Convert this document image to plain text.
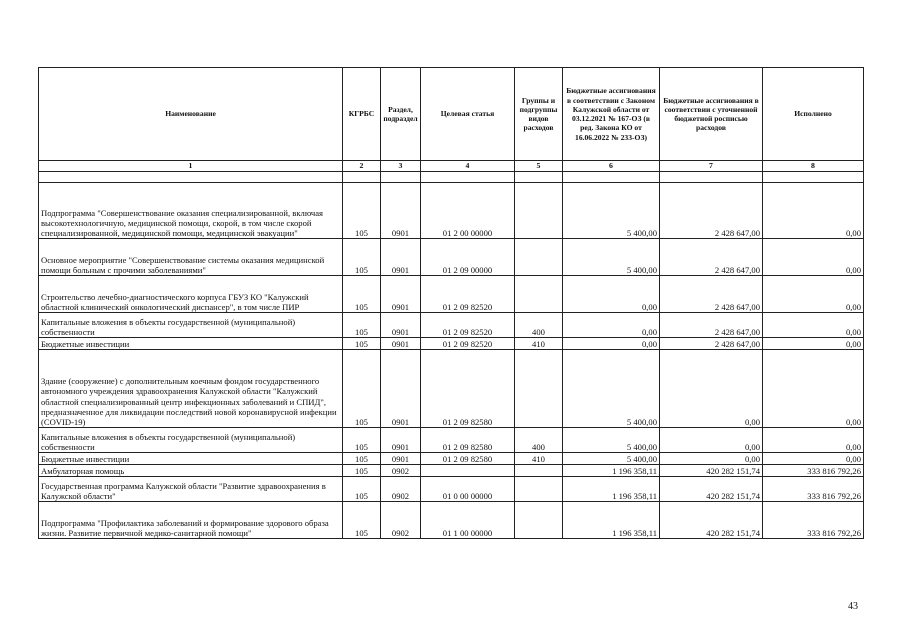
Наименование	КГРБС	Раздел, подраздел	Целевая статья	Группы и подгруппы видов расходов	Бюджетные ассигнования в соответствии с Законом Калужской области от 03.12.2021 № 167-ОЗ (в ред. Закона КО от 16.06.2022 № 233-ОЗ)	Бюджетные ассигнования в соответствии с уточненной бюджетной росписью расходов	Исполнено
1	2	3	4	5	6	7	8

Подпрограмма "Совершенствование оказания специализированной, включая высокотехнологичную, медицинской помощи, скорой, в том числе скорой специализированной, медицинской помощи, медицинской эвакуации"	105	0901	01 2 00 00000		5 400,00	2 428 647,00	0,00
Основное мероприятие "Совершенствование системы оказания медицинской помощи больным с прочими заболеваниями"	105	0901	01 2 09 00000		5 400,00	2 428 647,00	0,00
Строительство лечебно-диагностического корпуса ГБУЗ КО "Калужский областной клинический онкологический диспансер", в том числе ПИР	105	0901	01 2 09 82520		0,00	2 428 647,00	0,00
Капитальные вложения в объекты государственной (муниципальной) собственности	105	0901	01 2 09 82520	400	0,00	2 428 647,00	0,00
Бюджетные инвестиции	105	0901	01 2 09 82520	410	0,00	2 428 647,00	0,00
Здание (сооружение) с дополнительным коечным фондом государственного автономного учреждения здравоохранения Калужской области "Калужский областной специализированный центр инфекционных заболеваний и СПИД", предназначенное для ликвидации последствий новой коронавирусной инфекции (COVID-19)	105	0901	01 2 09 82580		5 400,00	0,00	0,00
Капитальные вложения в объекты государственной (муниципальной) собственности	105	0901	01 2 09 82580	400	5 400,00	0,00	0,00
Бюджетные инвестиции	105	0901	01 2 09 82580	410	5 400,00	0,00	0,00
Амбулаторная помощь	105	0902			1 196 358,11	420 282 151,74	333 816 792,26
Государственная программа Калужской области "Развитие здравоохранения в Калужской области"	105	0902	01 0 00 00000		1 196 358,11	420 282 151,74	333 816 792,26
Подпрограмма "Профилактика заболеваний и формирование здорового образа жизни. Развитие первичной медико-санитарной помощи"	105	0902	01 1 00 00000		1 196 358,11	420 282 151,74	333 816 792,26
43
